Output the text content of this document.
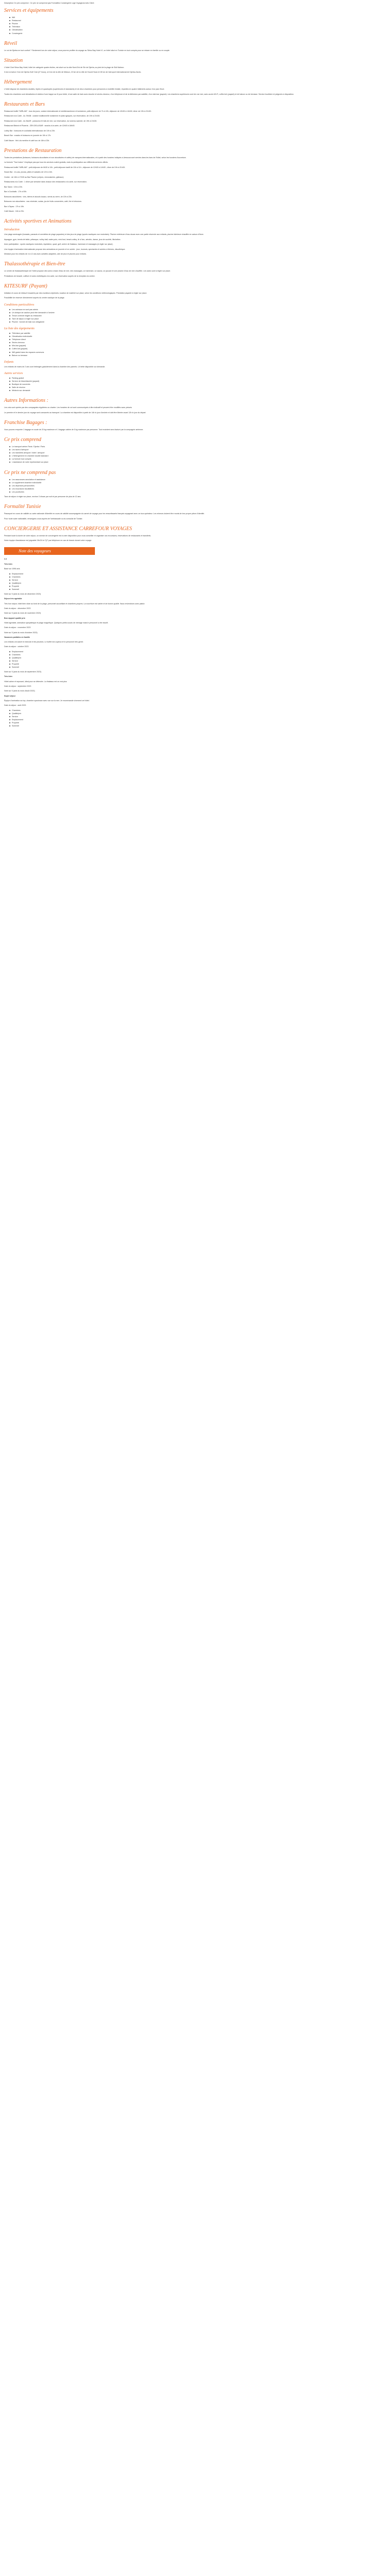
Description Ce prix comprend : Ce prix ne comprend pas Formalites Consiergerie Loge Voyageurs Avis Client

Services et équipements
Wifi
Restaurant
Piscine
Télévision
Climatisation
Conciergerie
Réveil

Le vol de Djerba en tout confort ? Seulement lors de votre séjour, vous pourrez profiter du voyage au Sirius Bay Hotel 4*, un hôtel situé en Tunisie en tout compris pour se relaxer en famille ou en couple.

Situation

L'hôtel Club Sirius Bay Hotel, hôtel de catégorie quatre étoiles, est situé sur la côte Nord-Est de l'île de Djerba, au pied de la plage de Sidi Mahrez.

Il est à environ 3 km de Djerba Golf Club (27 trous), à 6 km de la ville de Midoun, 22 km de la ville de Houmt Souk et 28 km de l'aéroport international de Djerba-Zarzis.

Hébergement

L'hôtel dispose de chambres doubles, triples et quadruples (supérieures et standards) et de deux chambres pour personnes à mobilité réduite, réparties en quatre bâtiments autour d'un parc fleuri.

Toutes les chambres sont climatisées et dotées d'une trappe au lit pour bébé, d'une salle de bain avec douche et sèche-cheveux, d'un téléphone et de la télévision par satellite, d'un mini-bar (payant). Les chambres supérieures sont de vue mer, avec accès Wi-Fi, coffre-fort (payant) et de balcon ou de terrasse. Service bouilloire et peignoirs à disposition.

Restaurants et Bars

Restaurant buffet "MIRLAM" : tous les jours, cuisine internationale et méditerranéenne et tunisienne, petit-déjeuner de 7h à 10h, déjeuner de 12h30 à 14h30, dîner de 19h à 21h30.

Restaurant à la Carte - AL SHAB : cuisine traditionnelle tunisienne et plats typiques, sur réservation, de 19h à 21h30.

Restaurant à la Carte - AL BAAR : poissons et fruits de mer, sur réservation, du lundi au samedi, de 19h à 21h30.

Restaurant Bistrot et Pizzeria - ZEN DELA BAR : snacks à la carte, de 12h00 à 16h00.

Lobby Bar : boissons et cocktails internationaux de 10h à 23h.

Beach Bar : snacks et boissons en journée de 10h à 17h.

Café Maure : thé à la menthe et café turc de 16h à 23h.

Prestations de Restauration

Toutes les prestations (boissons, boissons alcoolisées et non alcoolisées et cafés) de marques internationales, et à partir des horaires indiqués ci-dessous sont servies dans les bars de l'hôtel, selon les horaires d'ouverture.

La formule "Tout inclus" n'implique pas que tous les services soient gratuits, mais la participation aux différents services offerts.

Restaurant buffet "MIRLAM" : petit-déjeuner de 6h30 à 10h ; petit-déjeuner tardif de 10h à 11h ; déjeuner de 12h30 à 14h30 ; dîner de 19h à 21h30.

Snack Bar : en-cas, pizzas, pâtes et salades de 12h à 16h.

Goûter : de 16h à 17h30 au Bar Piscine (crêpes, viennoiseries, gâteaux).

Restaurants à la Carte : 1 dîner par semaine dans chacun des restaurants à la carte, sur réservation.

Bar Salon : 10h à 23h.

Bar à Cocktails : 17h à 00h.

Boissons alcoolisées : vins, bières et alcools locaux, servis au verre, de 10h à 23h.

Boissons non alcoolisées : eau minérale, sodas, jus de fruits concentrés, café, thé et infusions.

Bar à Tapas : 17h à 19h.

Café Maure : 16h à 23h.

Activités sportives et Animations
Introduction

Une plage aménagée (transats, parasols et serviettes de plage payantes) et des jeux de plage (sports nautiques non motorisés). Piscine extérieure d'eau douce avec une partie réservée aux enfants, piscine intérieure chauffée en saison d'hiver.

Aquagym, gym, tennis de table, pétanque, volley-ball, water-polo, mini-foot, beach-volley, tir à l'arc, aérobic, danse, jeux de société, fléchettes.

Avec participation : sports nautiques motorisés, équitation, quad, golf, centre de thalasso, hammam et massages (à régler sur place).

Une équipe d'animation internationale propose des animations en journée et en soirée : jeux, tournois, spectacles et soirées à thèmes, discothèque.

Miniclub pour les enfants de 4 à 12 ans avec activités adaptées, aire de jeux et piscine pour enfants.

Thalassothérapie et Bien-être

Le centre de thalassothérapie de l'hôtel propose des soins à base d'eau de mer, des massages, un hammam, un sauna, un jacuzzi et une piscine d'eau de mer chauffée. Les soins sont à régler sur place.

Prestations de beauté, coiffure et soins esthétiques à la carte, sur réservation auprès de la réception du centre.

KITESURF (Payant)

Initiation et cours de kitesurf encadrés par des moniteurs diplômés, location de matériel sur place, selon les conditions météorologiques. Prestation payante à régler sur place.

Possibilité de réserver directement auprès du centre nautique de la plage.

Conditions particulières
Les animaux ne sont pas admis
Un chèque de caution peut être demandé à l'arrivée
Tenue correcte exigée au restaurant
Taxe de séjour à régler sur place
Piscine : bonnet de bain non obligatoire
La liste des équipements
Télévision par satellite
Climatisation individuelle
Téléphone direct
Sèche-cheveux
Mini-bar (payant)
Coffre-fort (payant)
Wifi gratuit dans les espaces communs
Balcon ou terrasse
Enfants

Les enfants de moins de 2 ans sont hébergés gratuitement dans la chambre des parents. Lit bébé disponible sur demande.

Autres services
Parking gratuit
Service de blanchisserie (payant)
Boutique de souvenirs
Salle de réunion
Médecin sur demande
Autres Informations :

Les vols sont opérés par des compagnies régulières ou charter. Les horaires de vol sont communiqués à titre indicatif et peuvent être modifiés sans préavis.

Le premier et le dernier jour du voyage sont consacrés au transport. La chambre est disponible à partir de 14h le jour d'arrivée et doit être libérée avant 12h le jour du départ.

Franchise Bagages :

Vous pouvez emporter 1 bagage en soute de 20 kg maximum et 1 bagage cabine de 5 kg maximum par personne. Tout excédent sera facturé par la compagnie aérienne.

Ce prix comprend
Le transport aérien Paris / Djerba / Paris
Les taxes d'aéroport
Les transferts aéroport / hôtel / aéroport
L'hébergement en chambre double standard
La formule tout compris
L'assistance de notre représentant sur place
Ce prix ne comprend pas
Les assurances annulation et assistance
Le supplément chambre individuelle
Les dépenses personnelles
Les excursions facultatives
Les pourboires

Taxe de séjour à régler sur place, environ 3 dinars par nuit et par personne de plus de 12 ans.

Formalité Tunisie

Passeport en cours de validité ou carte nationale d'identité en cours de validité accompagnée du carnet de voyage pour les ressortissants français voyageant avec un tour-opérateur. Les mineurs doivent être munis de leur propre pièce d'identité.

Pour toute autre nationalité, renseignez-vous auprès de l'ambassade ou du consulat de Tunisie.

CONCIERGERIE ET ASSISTANCE CARREFOUR VOYAGES

Pendant toute la durée de votre séjour, un service de conciergerie est à votre disposition pour vous conseiller et organiser vos excursions, réservations de restaurants et transferts.

Notre équipe d'assistance est joignable 24h/24 et 7j/7 par téléphone en cas de besoin durant votre voyage.

Note des voyageurs

4.4

Très bien

Basé sur 1096 avis

Emplacement
Chambres
Service
Qualité/prix
Propreté
Sommeil

Note sur 5 (avis du mois de décembre 2023)

Séjour très agréable

Très bon séjour, hôtel bien situé au bord de la plage, personnel accueillant et chambres propres. La nourriture est variée et de bonne qualité. Nous reviendrons avec plaisir.

Date du séjour : décembre 2023

Note sur 5 (avis du mois de novembre 2023)

Bon rapport qualité prix

Hôtel agréable, animation sympathique et plage magnifique. Quelques petits soucis de ménage mais le personnel a été réactif.

Date du séjour : novembre 2023

Note sur 5 (avis du mois d'octobre 2023)

Vacances parfaites en famille

Les enfants ont adoré le miniclub et les piscines. Le buffet est copieux et le personnel très gentil.

Date du séjour : octobre 2023

Emplacement
Chambres
Qualité/prix
Service
Propreté
Sommeil

Note sur 5 (avis du mois de septembre 2023)

Très bien

Hôtel calme et reposant, idéal pour se détendre. La thalasso est un vrai plus.

Date du séjour : septembre 2023

Note sur 5 (avis du mois d'août 2023)

Super séjour

Équipe d'animation au top, chambre spacieuse avec vue sur la mer. Je recommande vivement cet hôtel.

Date du séjour : août 2023

Chambres
Qualité/prix
Service
Emplacement
Propreté
Sommeil
